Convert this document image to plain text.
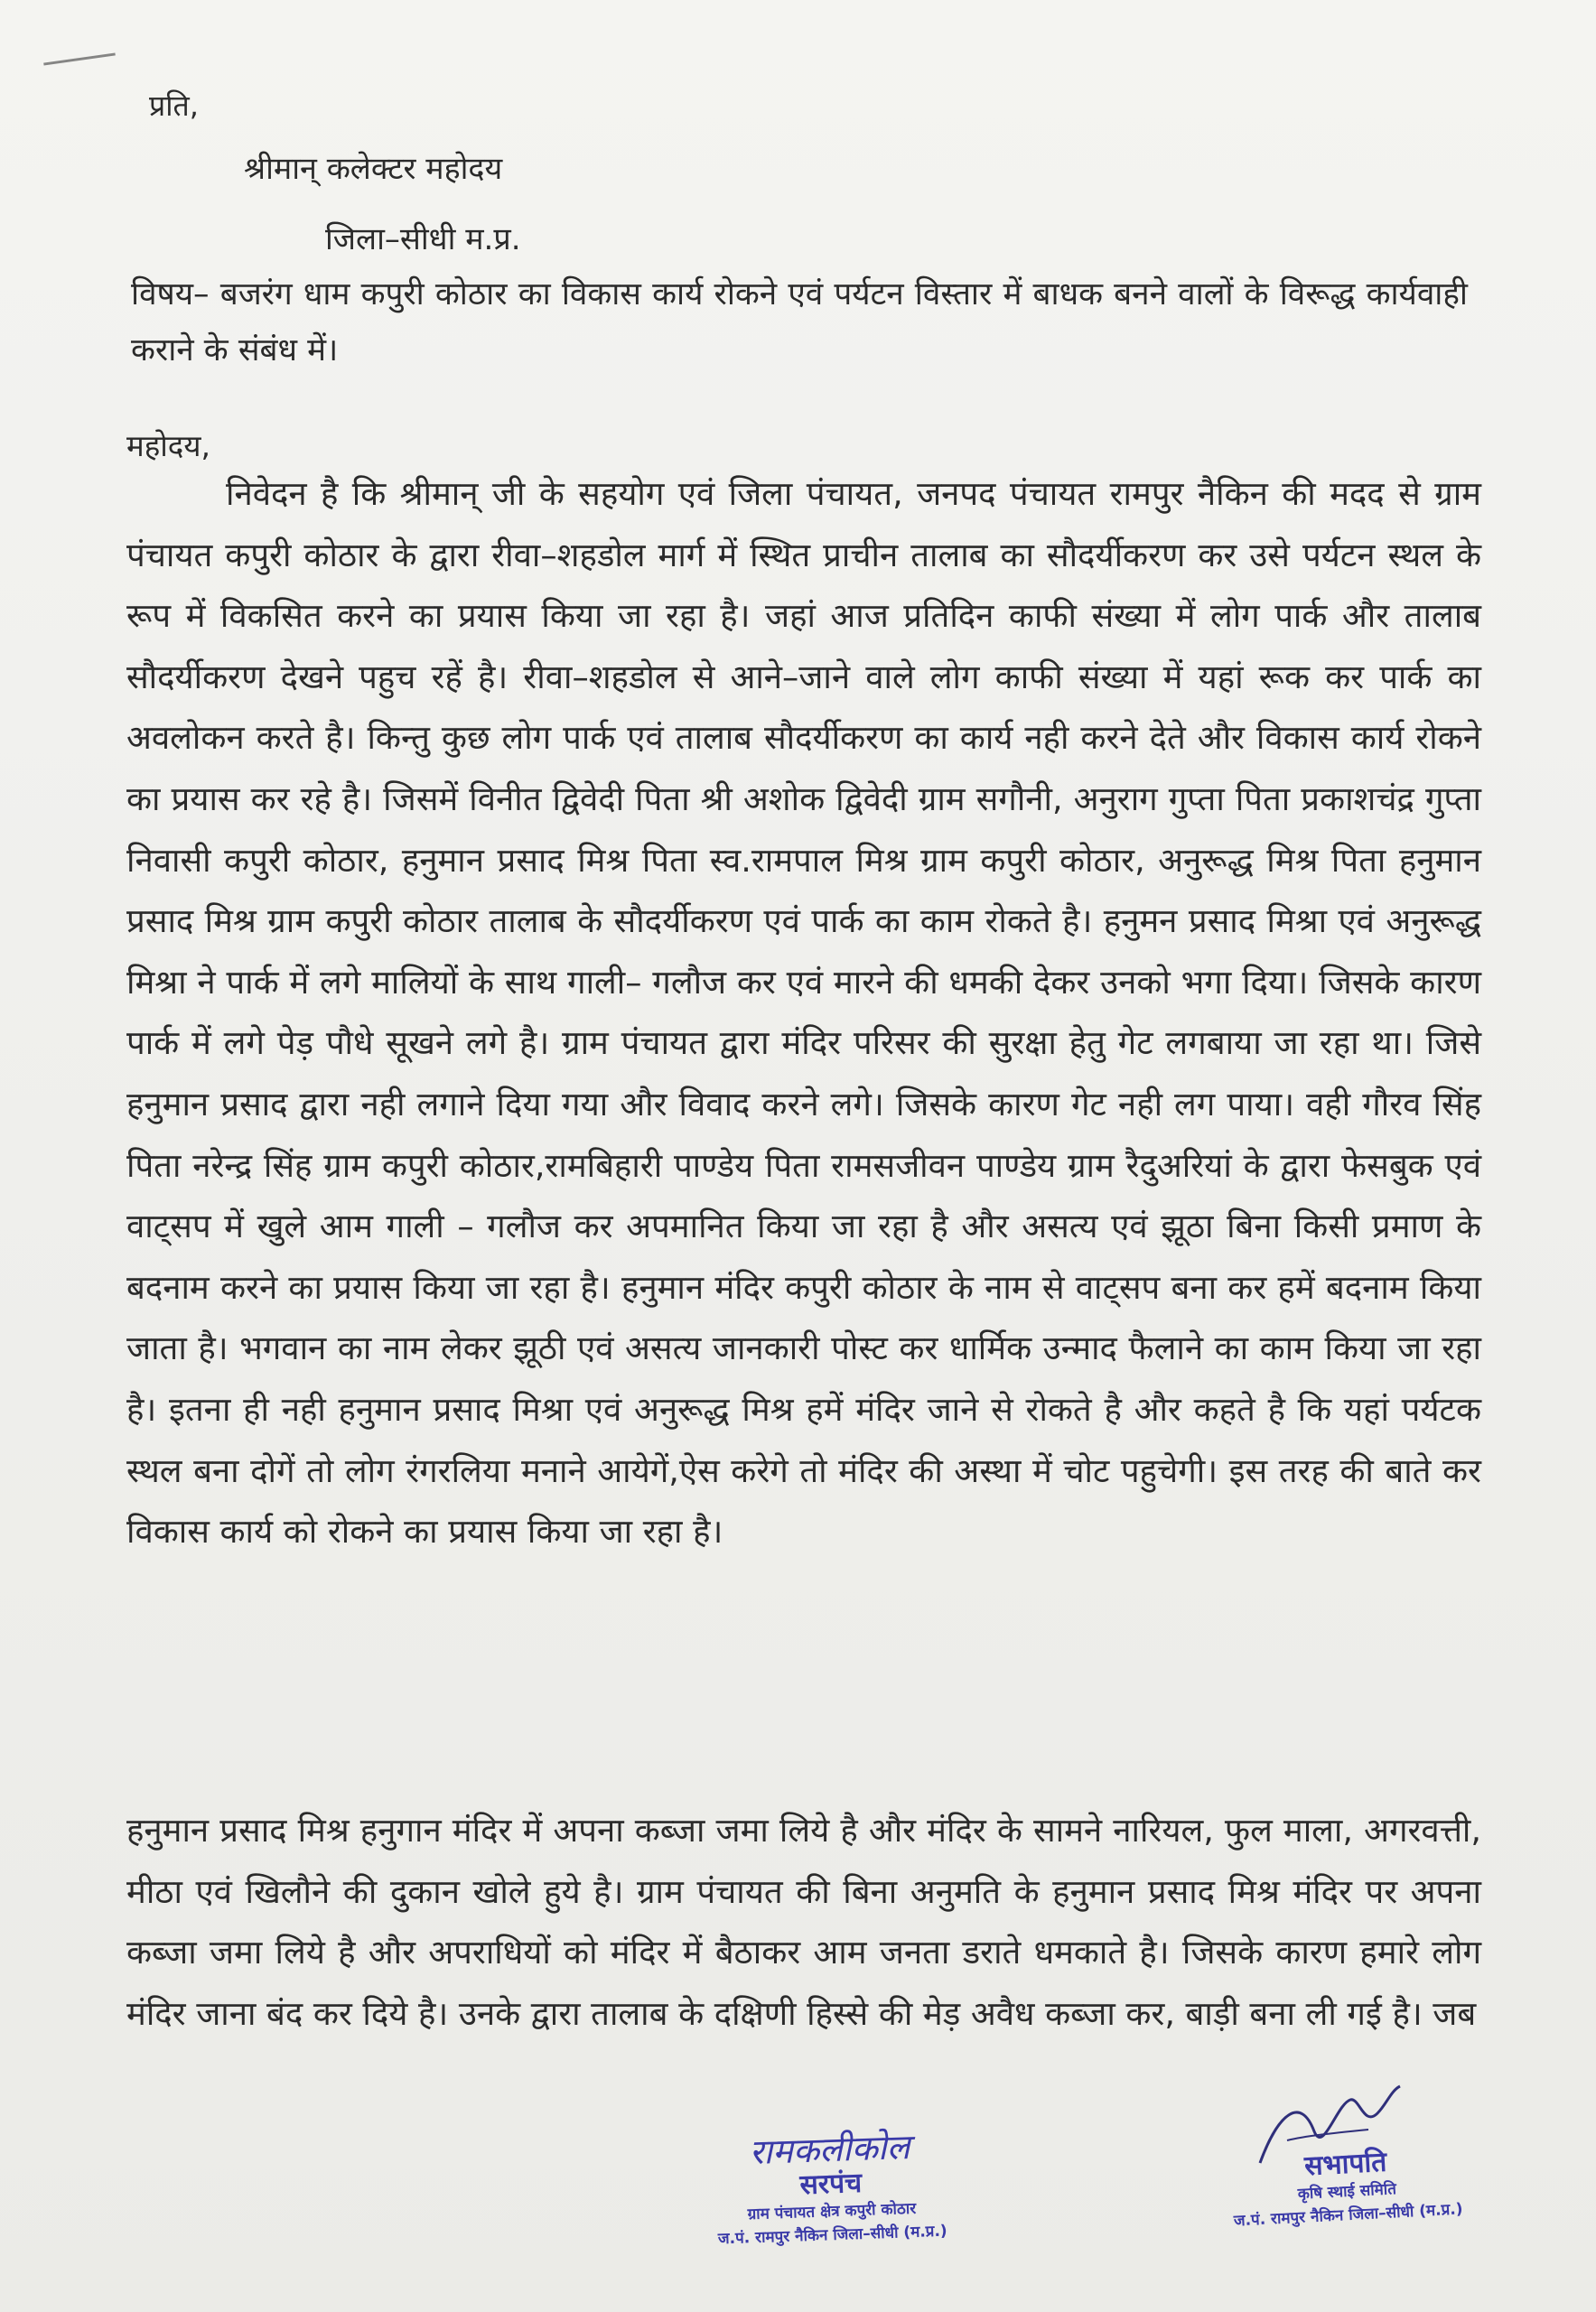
प्रति,
श्रीमान् कलेक्टर महोदय
जिला–सीधी म.प्र.
विषय– बजरंग धाम कपुरी कोठार का विकास कार्य रोकने एवं पर्यटन विस्तार में बाधक बनने वालों के विरूद्ध कार्यवाही कराने के संबंध में।
महोदय,
निवेदन है कि श्रीमान् जी के सहयोग एवं जिला पंचायत, जनपद पंचायत रामपुर नैकिन की मदद से ग्राम पंचायत कपुरी कोठार के द्वारा रीवा–शहडोल मार्ग में स्थित प्राचीन तालाब का सौदर्यीकरण कर उसे पर्यटन स्थल के रूप में विकसित करने का प्रयास किया जा रहा है। जहां आज प्रतिदिन काफी संख्या में लोग पार्क और तालाब सौदर्यीकरण देखने पहुच रहें है। रीवा–शहडोल से आने–जाने वाले लोग काफी संख्या में यहां रूक कर पार्क का अवलोकन करते है। किन्तु कुछ लोग पार्क एवं तालाब सौदर्यीकरण का कार्य नही करने देते और विकास कार्य रोकने का प्रयास कर रहे है। जिसमें विनीत द्विवेदी पिता श्री अशोक द्विवेदी ग्राम सगौनी, अनुराग गुप्ता पिता प्रकाशचंद्र गुप्ता निवासी कपुरी कोठार, हनुमान प्रसाद मिश्र पिता स्व.रामपाल मिश्र ग्राम कपुरी कोठार, अनुरूद्ध मिश्र पिता हनुमान प्रसाद मिश्र ग्राम कपुरी कोठार तालाब के सौदर्यीकरण एवं पार्क का काम रोकते है। हनुमन प्रसाद मिश्रा एवं अनुरूद्ध मिश्रा ने पार्क में लगे मालियों के साथ गाली– गलौज कर एवं मारने की धमकी देकर उनको भगा दिया। जिसके कारण पार्क में लगे पेड़ पौधे सूखने लगे है। ग्राम पंचायत द्वारा मंदिर परिसर की सुरक्षा हेतु गेट लगबाया जा रहा था। जिसे हनुमान प्रसाद द्वारा नही लगाने दिया गया और विवाद करने लगे। जिसके कारण गेट नही लग पाया। वही गौरव सिंह पिता नरेन्द्र सिंह ग्राम कपुरी कोठार,रामबिहारी पाण्डेय पिता रामसजीवन पाण्डेय ग्राम रैदुअरियां के द्वारा फेसबुक एवं वाट्सप में खुले आम गाली – गलौज कर अपमानित किया जा रहा है और असत्य एवं झूठा बिना किसी प्रमाण के बदनाम करने का प्रयास किया जा रहा है। हनुमान मंदिर कपुरी कोठार के नाम से वाट्सप बना कर हमें बदनाम किया जाता है। भगवान का नाम लेकर झूठी एवं असत्य जानकारी पोस्ट कर धार्मिक उन्माद फैलाने का काम किया जा रहा है। इतना ही नही हनुमान प्रसाद मिश्रा एवं अनुरूद्ध मिश्र हमें मंदिर जाने से रोकते है और कहते है कि यहां पर्यटक स्थल बना दोगें तो लोग रंगरलिया मनाने आयेगें,ऐस करेगे तो मंदिर की अस्था में चोट पहुचेगी। इस तरह की बाते कर विकास कार्य को रोकने का प्रयास किया जा रहा है।
हनुमान प्रसाद मिश्र हनुगान मंदिर में अपना कब्जा जमा लिये है और मंदिर के सामने नारियल, फुल माला, अगरवत्ती, मीठा एवं खिलौने की दुकान खोले हुये है। ग्राम पंचायत की बिना अनुमति के हनुमान प्रसाद मिश्र मंदिर पर अपना कब्जा जमा लिये है और अपराधियों को मंदिर में बैठाकर आम जनता डराते धमकाते है। जिसके कारण हमारे लोग मंदिर जाना बंद कर दिये है। उनके द्वारा तालाब के दक्षिणी हिस्से की मेड़ अवैध कब्जा कर, बाड़ी बना ली गई है। जब
रामकलीकोल
सरपंच
ग्राम पंचायत क्षेत्र कपुरी कोठार
ज.पं. रामपुर नैकिन जिला–सीधी (म.प्र.)
सभापति
कृषि स्थाई समिति
ज.पं. रामपुर नैकिन जिला–सीधी (म.प्र.)
